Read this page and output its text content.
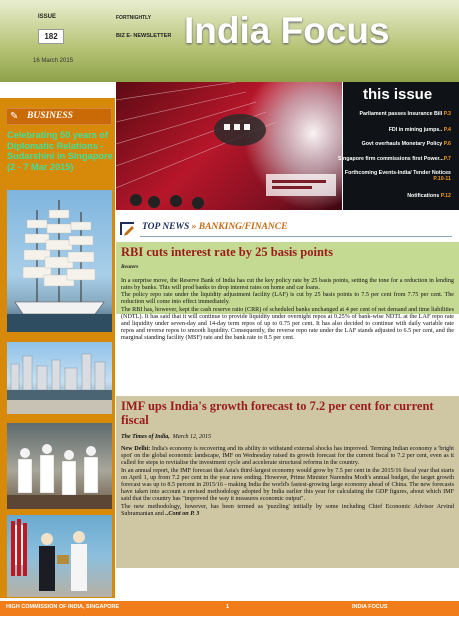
ISSUE
182
FORTNIGHTLY
BIZ E- NEWSLETTER
16 March 2015
India Focus
✎ BUSINESS
Celebrating 50 years of Diplomatic Relations - Sudarshini in Singapore (2 - 7 Mar 2015)
this issue
Parliament passes Insurance Bill P.3
FDI in mining jumps.. P.4
Govt overhauls Monetary Policy P.6
Singapore firm commissions first Power...P.7
Forthcoming Events-India/ Tender Notices
P.10-11
Notifications P.12
TOP NEWS » BANKING/FINANCE
RBI cuts interest rate by 25 basis points
Reuters

In a surprise move, the Reserve Bank of India has cut the key policy rate by 25 basis points, setting the tone for a reduction in lending rates by banks. This will prod banks to drop interest rates on home and car loans.

The policy repo rate under the liquidity adjustment facility (LAF) is cut by 25 basis points to 7.5 per cent from 7.75 per cent. The reduction will come into effect immediately.

The RBI has, however, kept the cash reserve ratio (CRR) of scheduled banks unchanged at 4 per cent of net demand and time liabilities (NDTL). It has said that it will continue to provide liquidity under overnight repos at 0.25% of bank-wise NDTL at the LAF repo rate and liquidity under seven-day and 14-day term repos of up to 0.75 per cent. It has also decided to continue with daily variable rate repos and reverse repos to smooth liquidity. Consequently, the reverse repo rate under the LAF stands adjusted to 6.5 per cent, and the marginal standing facility (MSF) rate and the bank rate to 8.5 per cent.

IMF ups India's growth forecast to 7.2 per cent for current fiscal
The Times of India, March 12, 2015

New Delhi: India's economy is recovering and its ability to withstand external shocks has improved. Terming Indian economy a 'bright spot' on the global economic landscape, IMF on Wednesday raised its growth forecast for the current fiscal to 7.2 per cent, even as it called for steps to revitalise the investment cycle and accelerate structural reforms in the country.

In an annual report, the IMF forecast that Asia's third-largest economy would grow by 7.5 per cent in the 2015/16 fiscal year that starts on April 1, up from 7.2 per cent in the year now ending. However, Prime Minister Narendra Modi's annual budget, the target growth forecast was up to 8.5 percent in 2015/16 - making India the world's fastest-growing large economy ahead of China. The new forecasts have taken into account a revised methodology adopted by India earlier this year for calculating the GDP figures, about which IMF said that the country has "improved the way it measures economic output".

The new methodology, however, has been termed as 'puzzling' initially by some including Chief Economic Advisor Arvind Subramanian and ..Cont on P. 3

HIGH COMMISSION OF INDIA, SINGAPORE	1	INDIA FOCUS
